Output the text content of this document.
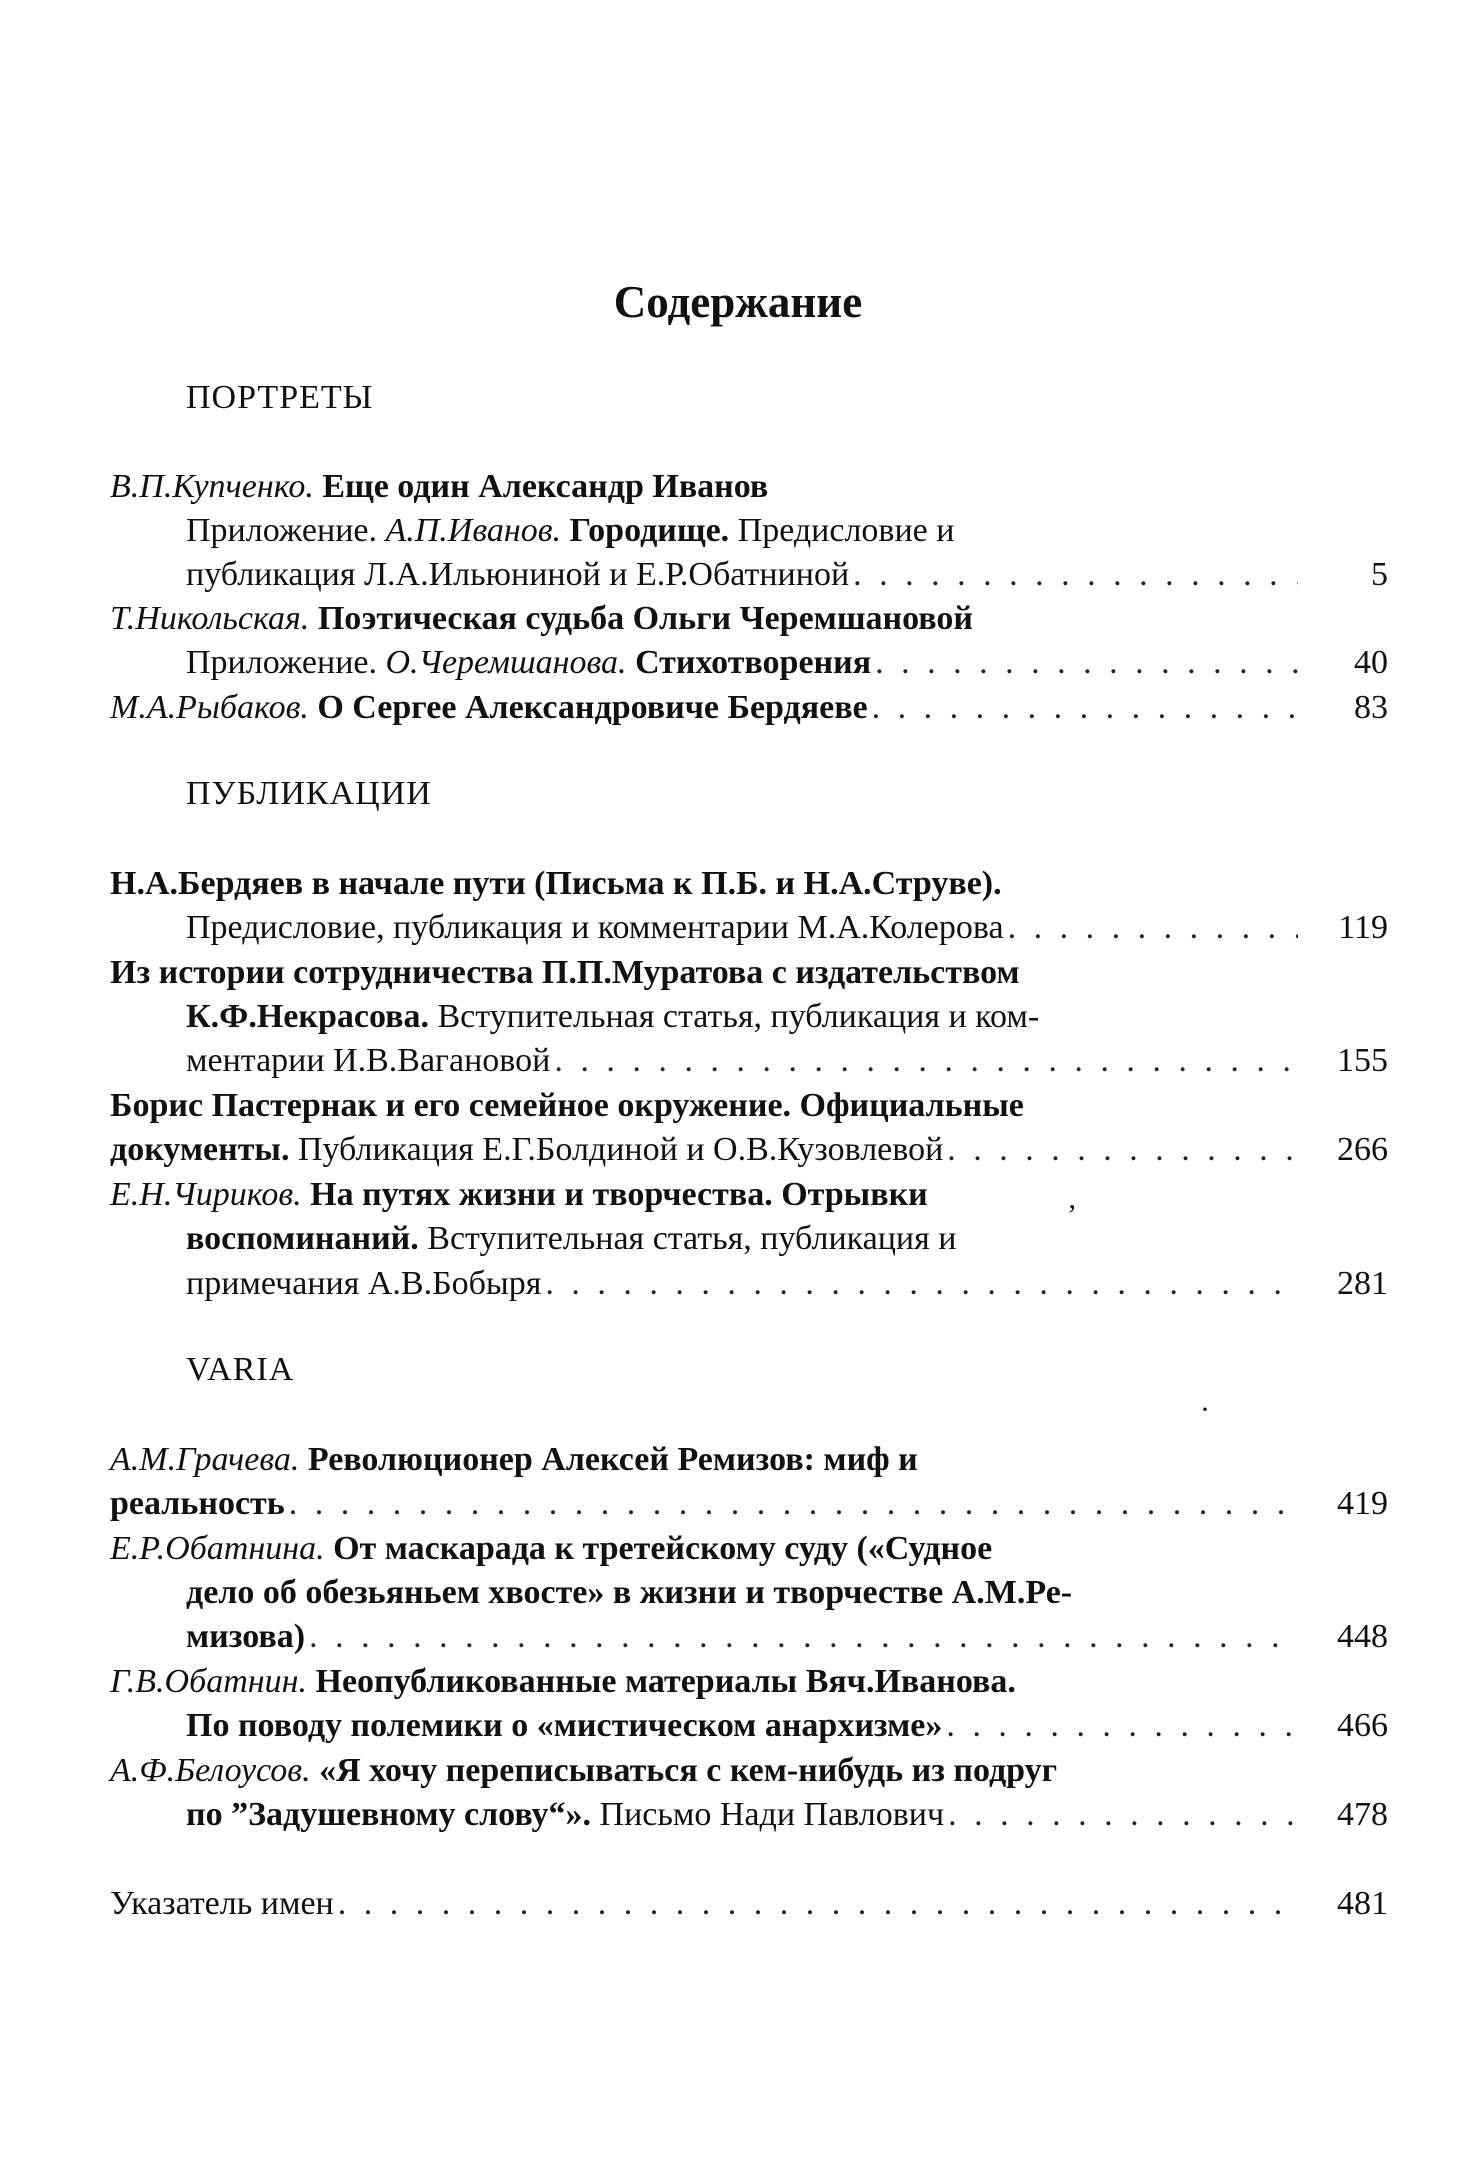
Содержание
ПОРТРЕТЫ
В.П.Купченко. Еще один Александр Иванов
Приложение. А.П.Иванов. Городище. Предисловие и
публикация Л.А.Ильюниной и Е.Р.Обатниной . . .	5
Т.Никольская. Поэтическая судьба Ольги Черемшановой
Приложение. О.Черемшанова. Стихотворения . . .	40
М.А.Рыбаков. О Сергее Александровиче Бердяеве . . .	83
ПУБЛИКАЦИИ
Н.А.Бердяев в начале пути (Письма к П.Б. и Н.А.Струве).
Предисловие, публикация и комментарии М.А.Колерова . . .	119
Из истории сотрудничества П.П.Муратова с издательством
К.Ф.Некрасова. Вступительная статья, публикация и ком-
ментарии И.В.Вагановой . . .	155
Борис Пастернак и его семейное окружение. Официальные
документы. Публикация Е.Г.Болдиной и О.В.Кузовлевой . . .	266
Е.Н.Чириков. На путях жизни и творчества. Отрывки	‚
воспоминаний. Вступительная статья, публикация и
примечания А.В.Бобыря . . .	281
VARIA
·
А.М.Грачева. Революционер Алексей Ремизов: миф и
реальность . . .	419
Е.Р.Обатнина. От маскарада к третейскому суду («Судное
дело об обезьяньем хвосте» в жизни и творчестве А.М.Ре-
мизова) . . .	448
Г.В.Обатнин. Неопубликованные материалы Вяч.Иванова.
По поводу полемики о «мистическом анархизме» . . .	466
А.Ф.Белоусов. «Я хочу переписываться с кем-нибудь из подруг
по ”Задушевному слову“». Письмо Нади Павлович . . .	478
Указатель имен . . .	481
